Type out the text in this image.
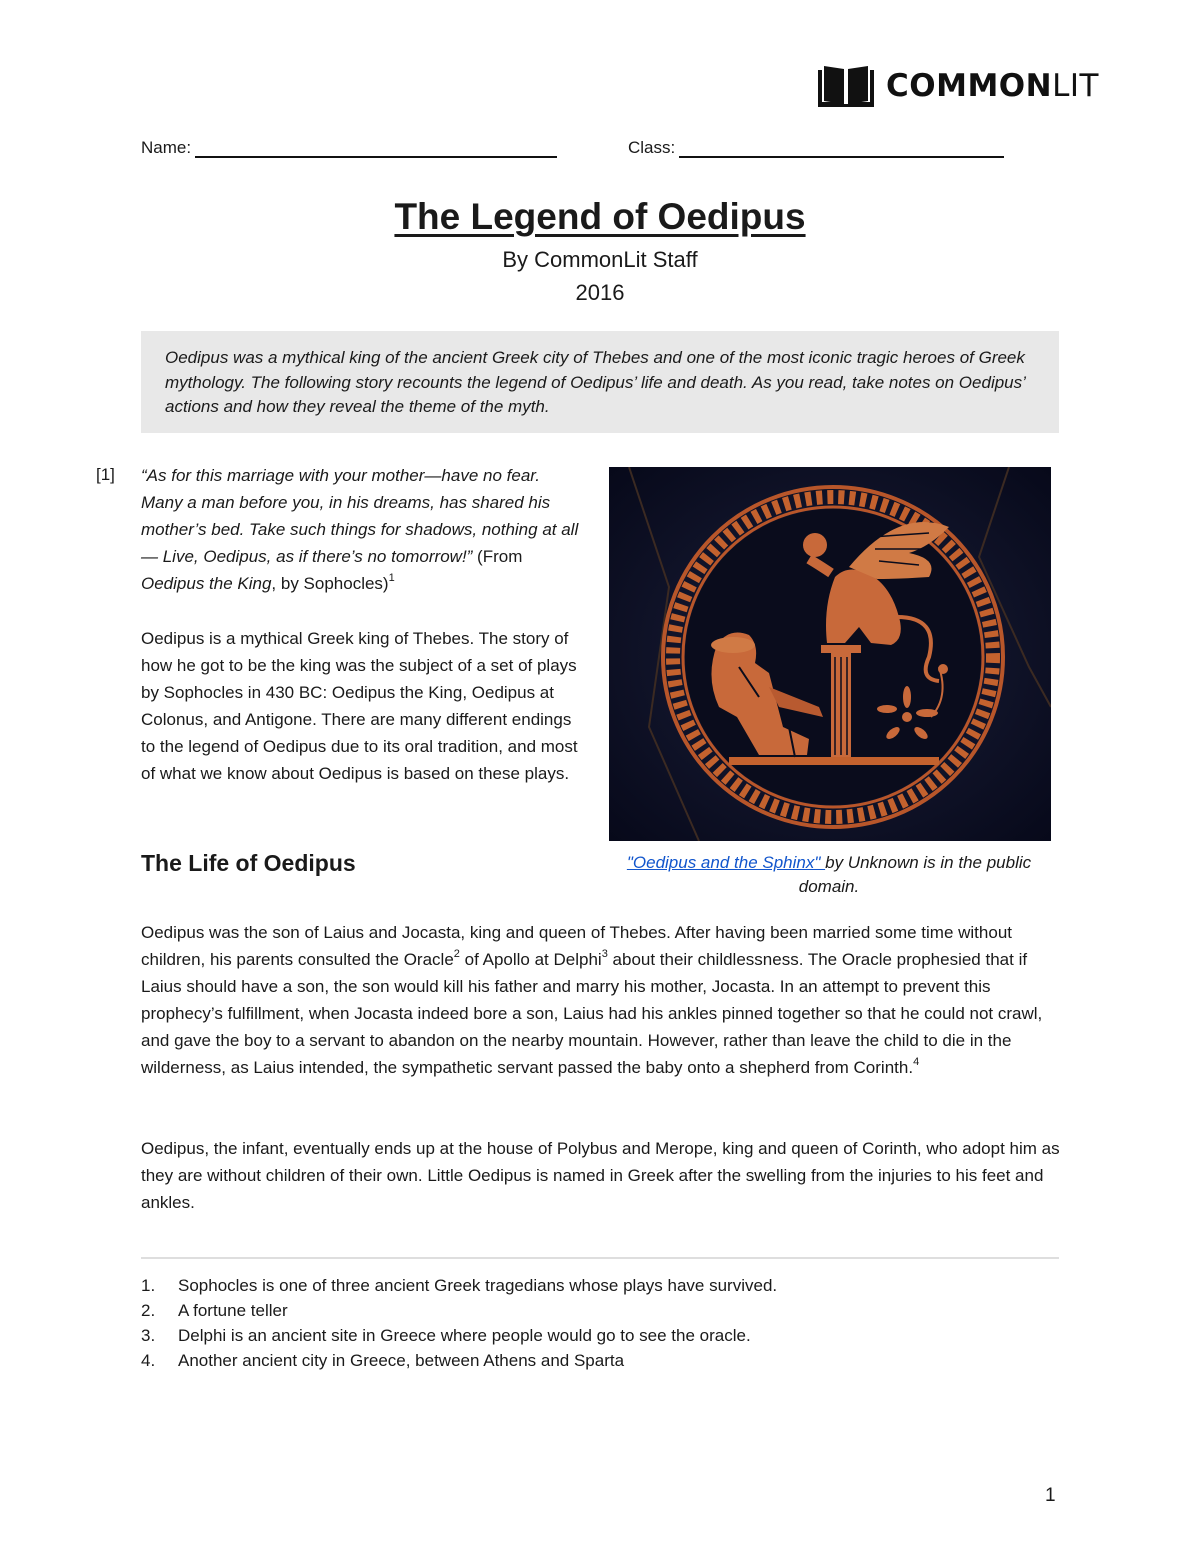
COMMONLIT
Name:	Class:
The Legend of Oedipus
By CommonLit Staff
2016
Oedipus was a mythical king of the ancient Greek city of Thebes and one of the most iconic tragic heroes of Greek mythology. The following story recounts the legend of Oedipus’ life and death. As you read, take notes on Oedipus’ actions and how they reveal the theme of the myth.
[1] “As for this marriage with your mother—have no fear. Many a man before you, in his dreams, has shared his mother’s bed. Take such things for shadows, nothing at all— Live, Oedipus, as if there’s no tomorrow!” (From Oedipus the King, by Sophocles)$^1$
Oedipus is a mythical Greek king of Thebes. The story of how he got to be the king was the subject of a set of plays by Sophocles in 430 BC: Oedipus the King, Oedipus at Colonus, and Antigone. There are many different endings to the legend of Oedipus due to its oral tradition, and most of what we know about Oedipus is based on these plays.
The Life of Oedipus	"Oedipus and the Sphinx" by Unknown is in the public domain.
Oedipus was the son of Laius and Jocasta, king and queen of Thebes. After having been married some time without children, his parents consulted the Oracle$^2$ of Apollo at Delphi$^3$ about their childlessness. The Oracle prophesied that if Laius should have a son, the son would kill his father and marry his mother, Jocasta. In an attempt to prevent this prophecy’s fulfillment, when Jocasta indeed bore a son, Laius had his ankles pinned together so that he could not crawl, and gave the boy to a servant to abandon on the nearby mountain. However, rather than leave the child to die in the wilderness, as Laius intended, the sympathetic servant passed the baby onto a shepherd from Corinth.$^4$
Oedipus, the infant, eventually ends up at the house of Polybus and Merope, king and queen of Corinth, who adopt him as they are without children of their own. Little Oedipus is named in Greek after the swelling from the injuries to his feet and ankles.
1.	Sophocles is one of three ancient Greek tragedians whose plays have survived.
2.	A fortune teller
3.	Delphi is an ancient site in Greece where people would go to see the oracle.
4.	Another ancient city in Greece, between Athens and Sparta
1
